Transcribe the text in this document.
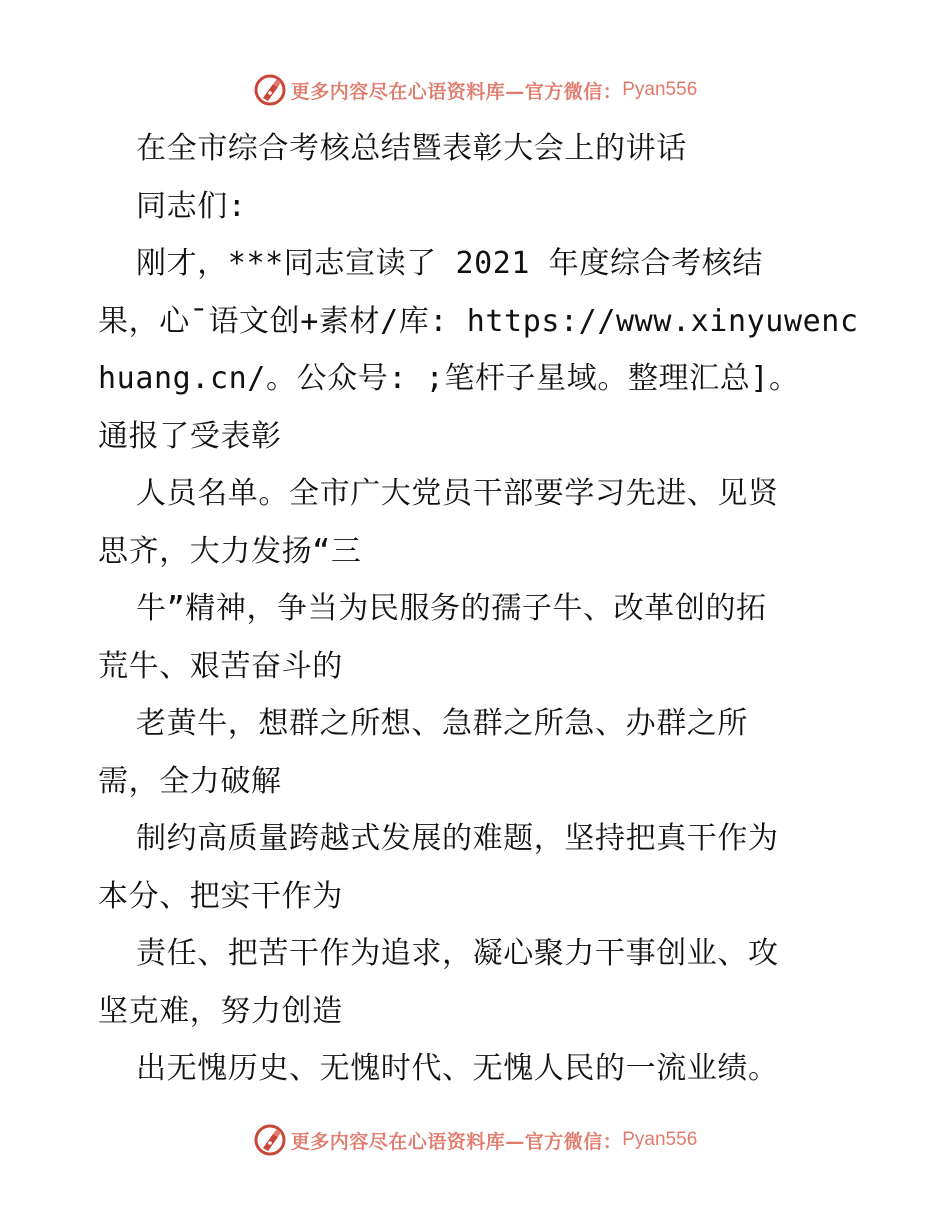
更多内容尽在心语资料库—官方微信： Pyan556
在全市综合考核总结暨表彰大会上的讲话
同志们:
刚才，***同志宣读了 2021 年度综合考核结
果，心¯语文创+素材/库: https://www.xinyuwenc
huang.cn/。公众号: ;笔杆子星域。整理汇总]。
通报了受表彰
人员名单。全市广大党员干部要学习先进、见贤
思齐，大力发扬“三
牛”精神，争当为民服务的孺子牛、改革创的拓
荒牛、艰苦奋斗的
老黄牛，想群之所想、急群之所急、办群之所
需，全力破解
制约高质量跨越式发展的难题，坚持把真干作为
本分、把实干作为
责任、把苦干作为追求，凝心聚力干事创业、攻
坚克难，努力创造
出无愧历史、无愧时代、无愧人民的一流业绩。
更多内容尽在心语资料库—官方微信： Pyan556
